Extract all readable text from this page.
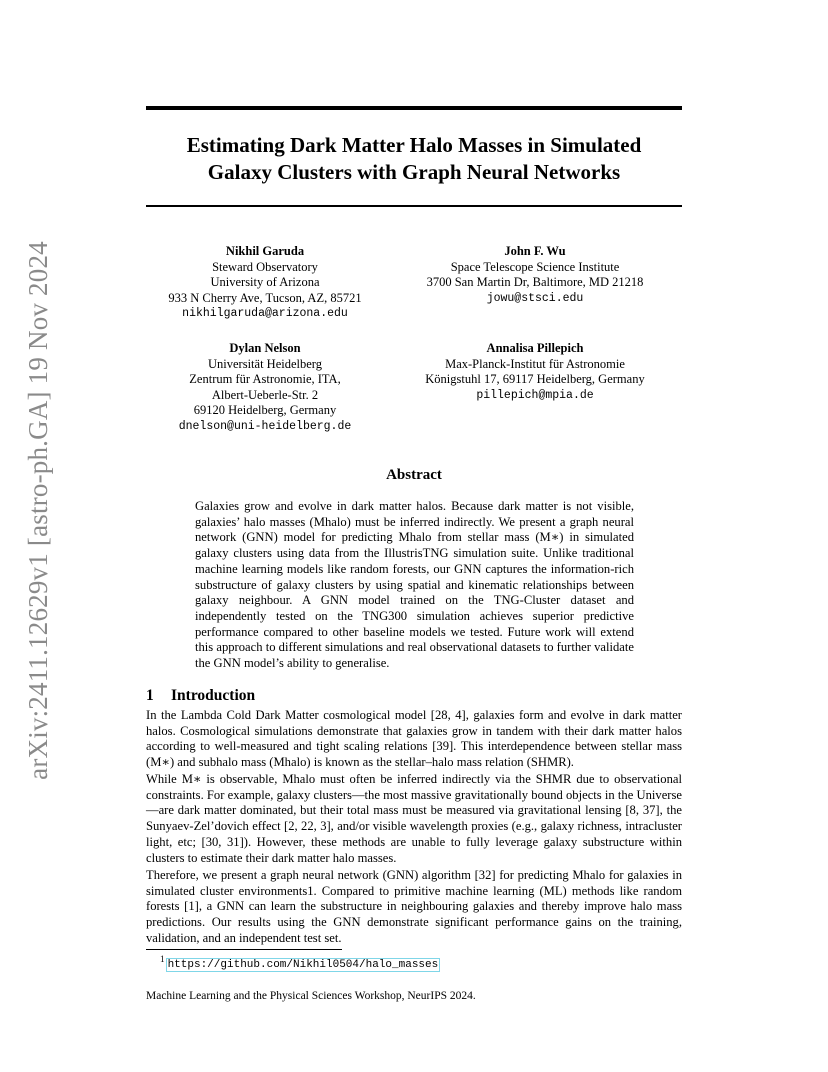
arXiv:2411.12629v1 [astro-ph.GA] 19 Nov 2024
Estimating Dark Matter Halo Masses in Simulated
Galaxy Clusters with Graph Neural Networks
Nikhil Garuda
Steward Observatory
University of Arizona
933 N Cherry Ave, Tucson, AZ, 85721
nikhilgaruda@arizona.edu
John F. Wu
Space Telescope Science Institute
3700 San Martin Dr, Baltimore, MD 21218
jowu@stsci.edu
Dylan Nelson
Universität Heidelberg
Zentrum für Astronomie, ITA,
Albert-Ueberle-Str. 2
69120 Heidelberg, Germany
dnelson@uni-heidelberg.de
Annalisa Pillepich
Max-Planck-Institut für Astronomie
Königstuhl 17, 69117 Heidelberg, Germany
pillepich@mpia.de
Abstract
Galaxies grow and evolve in dark matter halos. Because dark matter is not visible, galaxies’ halo masses (Mhalo) must be inferred indirectly. We present a graph neural network (GNN) model for predicting Mhalo from stellar mass (M∗) in simulated galaxy clusters using data from the IllustrisTNG simulation suite. Unlike traditional machine learning models like random forests, our GNN captures the information-rich substructure of galaxy clusters by using spatial and kinematic relationships between galaxy neighbour. A GNN model trained on the TNG-Cluster dataset and independently tested on the TNG300 simulation achieves superior predictive performance compared to other baseline models we tested. Future work will extend this approach to different simulations and real observational datasets to further validate the GNN model’s ability to generalise.
1 Introduction

In the Lambda Cold Dark Matter cosmological model [28, 4], galaxies form and evolve in dark matter halos. Cosmological simulations demonstrate that galaxies grow in tandem with their dark matter halos according to well-measured and tight scaling relations [39]. This interdependence between stellar mass (M∗) and subhalo mass (Mhalo) is known as the stellar–halo mass relation (SHMR).

While M∗ is observable, Mhalo must often be inferred indirectly via the SHMR due to observational constraints. For example, galaxy clusters—the most massive gravitationally bound objects in the Universe—are dark matter dominated, but their total mass must be measured via gravitational lensing [8, 37], the Sunyaev-Zel’dovich effect [2, 22, 3], and/or visible wavelength proxies (e.g., galaxy richness, intracluster light, etc; [30, 31]). However, these methods are unable to fully leverage galaxy substructure within clusters to estimate their dark matter halo masses.

Therefore, we present a graph neural network (GNN) algorithm [32] for predicting Mhalo for galaxies in simulated cluster environments1. Compared to primitive machine learning (ML) methods like random forests [1], a GNN can learn the substructure in neighbouring galaxies and thereby improve halo mass predictions. Our results using the GNN demonstrate significant performance gains on the training, validation, and an independent test set.

$^1$ https://github.com/Nikhil0504/halo_masses
Machine Learning and the Physical Sciences Workshop, NeurIPS 2024.
